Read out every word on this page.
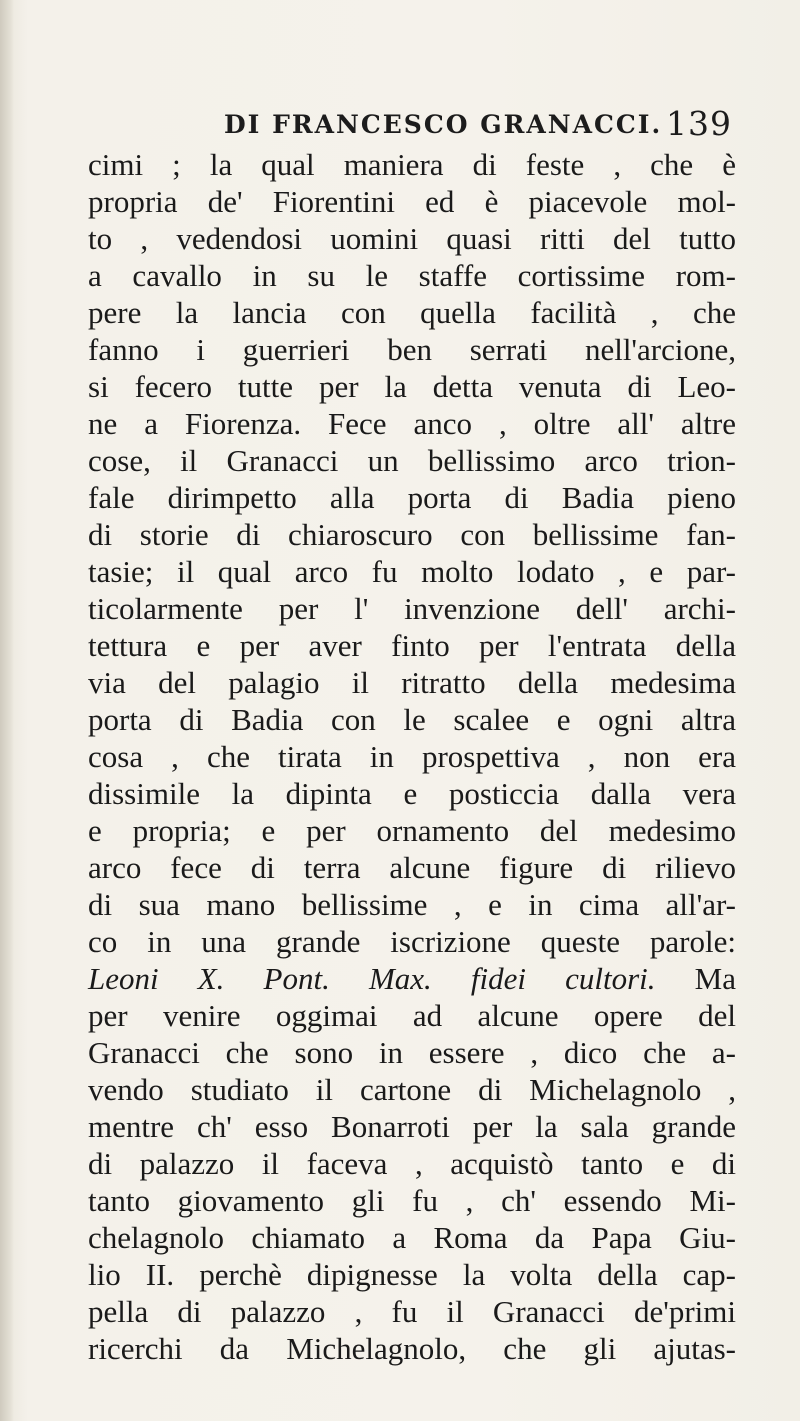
DI FRANCESCO GRANACCI. 139
cimi ; la qual maniera di feste , che è
propria de' Fiorentini ed è piacevole mol-
to , vedendosi uomini quasi ritti del tutto
a cavallo in su le staffe cortissime rom-
pere la lancia con quella facilità , che
fanno i guerrieri ben serrati nell'arcione,
si fecero tutte per la detta venuta di Leo-
ne a Fiorenza. Fece anco , oltre all' altre
cose, il Granacci un bellissimo arco trion-
fale dirimpetto alla porta di Badia pieno
di storie di chiaroscuro con bellissime fan-
tasie; il qual arco fu molto lodato , e par-
ticolarmente per l' invenzione dell' archi-
tettura e per aver finto per l'entrata della
via del palagio il ritratto della medesima
porta di Badia con le scalee e ogni altra
cosa , che tirata in prospettiva , non era
dissimile la dipinta e posticcia dalla vera
e propria; e per ornamento del medesimo
arco fece di terra alcune figure di rilievo
di sua mano bellissime , e in cima all'ar-
co in una grande iscrizione queste parole:
Leoni X. Pont. Max. fidei cultori. Ma
per venire oggimai ad alcune opere del
Granacci che sono in essere , dico che a-
vendo studiato il cartone di Michelagnolo ,
mentre ch' esso Bonarroti per la sala grande
di palazzo il faceva , acquistò tanto e di
tanto giovamento gli fu , ch' essendo Mi-
chelagnolo chiamato a Roma da Papa Giu-
lio II. perchè dipignesse la volta della cap-
pella di palazzo , fu il Granacci de'primi
ricerchi da Michelagnolo, che gli ajutas-
